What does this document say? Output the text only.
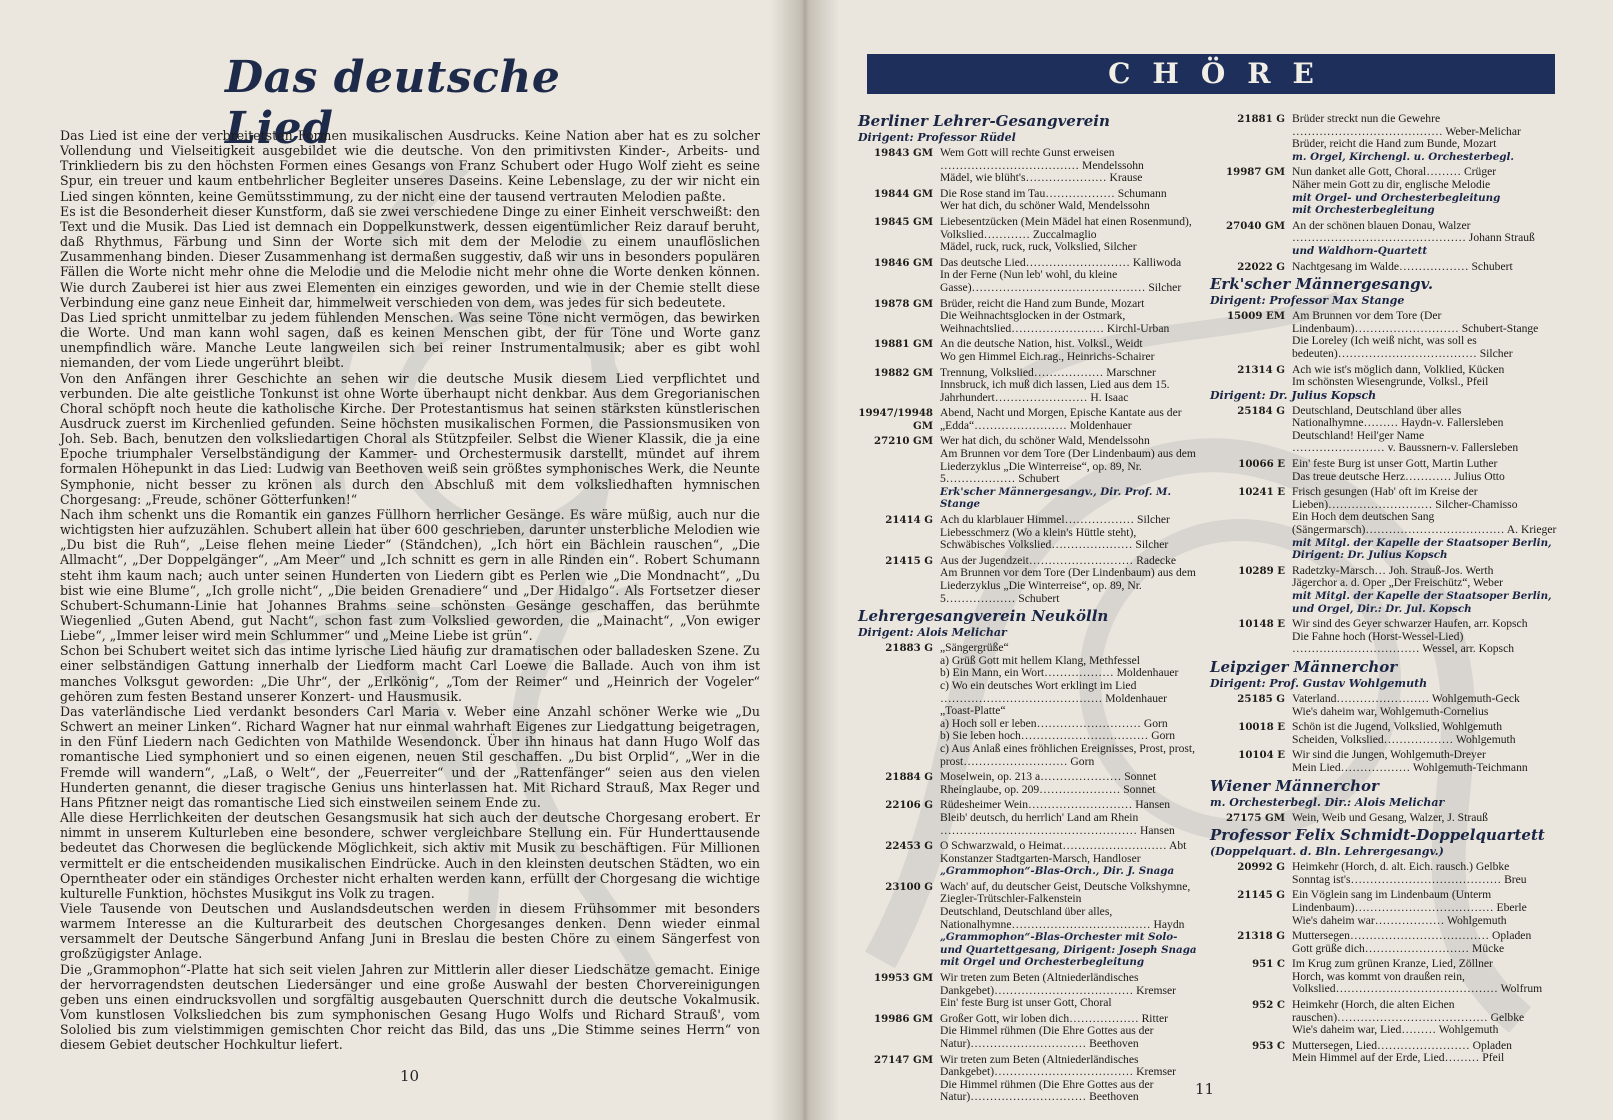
Das deutsche Lied

Das Lied ist eine der verbreitetsten Formen musikalischen Ausdrucks. Keine Nation aber hat es zu solcher Vollendung und Vielseitigkeit ausgebildet wie die deutsche. Von den primitivsten Kinder-, Arbeits- und Trinkliedern bis zu den höchsten Formen eines Gesangs von Franz Schubert oder Hugo Wolf zieht es seine Spur, ein treuer und kaum entbehrlicher Begleiter unseres Daseins. Keine Lebenslage, zu der wir nicht ein Lied singen könnten, keine Gemütsstimmung, zu der nicht eine der tausend vertrauten Melodien paßte.

Es ist die Besonderheit dieser Kunstform, daß sie zwei verschiedene Dinge zu einer Einheit verschweißt: den Text und die Musik. Das Lied ist demnach ein Doppelkunstwerk, dessen eigentümlicher Reiz darauf beruht, daß Rhythmus, Färbung und Sinn der Worte sich mit dem der Melodie zu einem unauflöslichen Zusammenhang binden. Dieser Zusammenhang ist dermaßen suggestiv, daß wir uns in besonders populären Fällen die Worte nicht mehr ohne die Melodie und die Melodie nicht mehr ohne die Worte denken können. Wie durch Zauberei ist hier aus zwei Elementen ein einziges geworden, und wie in der Chemie stellt diese Verbindung eine ganz neue Einheit dar, himmelweit verschieden von dem, was jedes für sich bedeutete.

Das Lied spricht unmittelbar zu jedem fühlenden Menschen. Was seine Töne nicht vermögen, das bewirken die Worte. Und man kann wohl sagen, daß es keinen Menschen gibt, der für Töne und Worte ganz unempfindlich wäre. Manche Leute langweilen sich bei reiner Instrumentalmusik; aber es gibt wohl niemanden, der vom Liede ungerührt bleibt.

Von den Anfängen ihrer Geschichte an sehen wir die deutsche Musik diesem Lied verpflichtet und verbunden. Die alte geistliche Tonkunst ist ohne Worte überhaupt nicht denkbar. Aus dem Gregorianischen Choral schöpft noch heute die katholische Kirche. Der Protestantismus hat seinen stärksten künstlerischen Ausdruck zuerst im Kirchenlied gefunden. Seine höchsten musikalischen Formen, die Passionsmusiken von Joh. Seb. Bach, benutzen den volksliedartigen Choral als Stützpfeiler. Selbst die Wiener Klassik, die ja eine Epoche triumphaler Verselbständigung der Kammer- und Orchestermusik darstellt, mündet auf ihrem formalen Höhepunkt in das Lied: Ludwig van Beethoven weiß sein größtes symphonisches Werk, die Neunte Symphonie, nicht besser zu krönen als durch den Abschluß mit dem volksliedhaften hymnischen Chorgesang: „Freude, schöner Götterfunken!“

Nach ihm schenkt uns die Romantik ein ganzes Füllhorn herrlicher Gesänge. Es wäre müßig, auch nur die wichtigsten hier aufzuzählen. Schubert allein hat über 600 geschrieben, darunter unsterbliche Melodien wie „Du bist die Ruh“, „Leise flehen meine Lieder“ (Ständchen), „Ich hört ein Bächlein rauschen“, „Die Allmacht“, „Der Doppelgänger“, „Am Meer“ und „Ich schnitt es gern in alle Rinden ein“. Robert Schumann steht ihm kaum nach; auch unter seinen Hunderten von Liedern gibt es Perlen wie „Die Mondnacht“, „Du bist wie eine Blume“, „Ich grolle nicht“, „Die beiden Grenadiere“ und „Der Hidalgo“. Als Fortsetzer dieser Schubert-Schumann-Linie hat Johannes Brahms seine schönsten Gesänge geschaffen, das berühmte Wiegenlied „Guten Abend, gut Nacht“, schon fast zum Volkslied geworden, die „Mainacht“, „Von ewiger Liebe“, „Immer leiser wird mein Schlummer“ und „Meine Liebe ist grün“.

Schon bei Schubert weitet sich das intime lyrische Lied häufig zur dramatischen oder balladesken Szene. Zu einer selbständigen Gattung innerhalb der Liedform macht Carl Loewe die Ballade. Auch von ihm ist manches Volksgut geworden: „Die Uhr“, der „Erlkönig“, „Tom der Reimer“ und „Heinrich der Vogeler“ gehören zum festen Bestand unserer Konzert- und Hausmusik.

Das vaterländische Lied verdankt besonders Carl Maria v. Weber eine Anzahl schöner Werke wie „Du Schwert an meiner Linken“. Richard Wagner hat nur einmal wahrhaft Eigenes zur Liedgattung beigetragen, in den Fünf Liedern nach Gedichten von Mathilde Wesendonck. Über ihn hinaus hat dann Hugo Wolf das romantische Lied symphoniert und so einen eigenen, neuen Stil geschaffen. „Du bist Orplid“, „Wer in die Fremde will wandern“, „Laß, o Welt“, der „Feuerreiter“ und der „Rattenfänger“ seien aus den vielen Hunderten genannt, die dieser tragische Genius uns hinterlassen hat. Mit Richard Strauß, Max Reger und Hans Pfitzner neigt das romantische Lied sich einstweilen seinem Ende zu.

Alle diese Herrlichkeiten der deutschen Gesangsmusik hat sich auch der deutsche Chorgesang erobert. Er nimmt in unserem Kulturleben eine besondere, schwer vergleichbare Stellung ein. Für Hunderttausende bedeutet das Chorwesen die beglückende Möglichkeit, sich aktiv mit Musik zu beschäftigen. Für Millionen vermittelt er die entscheidenden musikalischen Eindrücke. Auch in den kleinsten deutschen Städten, wo ein Operntheater oder ein ständiges Orchester nicht erhalten werden kann, erfüllt der Chorgesang die wichtige kulturelle Funktion, höchstes Musikgut ins Volk zu tragen.

Viele Tausende von Deutschen und Auslandsdeutschen werden in diesem Frühsommer mit besonders warmem Interesse an die Kulturarbeit des deutschen Chorgesanges denken. Denn wieder einmal versammelt der Deutsche Sängerbund Anfang Juni in Breslau die besten Chöre zu einem Sängerfest von großzügigster Anlage.

Die „Grammophon“-Platte hat sich seit vielen Jahren zur Mittlerin aller dieser Liedschätze gemacht. Einige der hervorragendsten deutschen Liedersänger und eine große Auswahl der besten Chorvereinigungen geben uns einen eindrucksvollen und sorgfältig ausgebauten Querschnitt durch die deutsche Vokalmusik. Vom kunstlosen Volksliedchen bis zum symphonischen Gesang Hugo Wolfs und Richard Strauß', vom Sololied bis zum vielstimmigen gemischten Chor reicht das Bild, das uns „Die Stimme seines Herrn“ von diesem Gebiet deutscher Hochkultur liefert.

10
CHÖRE
Berliner Lehrer-Gesangverein
Dirigent: Professor Rüdel
19843 GM Wem Gott will rechte Gunst erweisen
……………………………… Mendelssohn
Mädel, wie blüht's………………… Krause
19844 GM Die Rose stand im Tau……………… Schumann
Wer hat dich, du schöner Wald, Mendelssohn
19845 GM Liebesentzücken (Mein Mädel hat einen Rosenmund), Volkslied………… Zuccalmaglio
Mädel, ruck, ruck, ruck, Volkslied, Silcher
19846 GM Das deutsche Lied……………………… Kalliwoda
In der Ferne (Nun leb' wohl, du kleine Gasse)……………………………………… Silcher
19878 GM Brüder, reicht die Hand zum Bunde, Mozart
Die Weihnachtsglocken in der Ostmark, Weihnachtslied…………………… Kirchl-Urban
19881 GM An die deutsche Nation, hist. Volksl., Weidt
Wo gen Himmel Eich.rag., Heinrichs-Schairer
19882 GM Trennung, Volkslied……………… Marschner
Innsbruck, ich muß dich lassen, Lied aus dem 15. Jahrhundert…………………… H. Isaac
19947/19948 GM
Abend, Nacht und Morgen, Epische Kantate aus der „Edda“…………………… Moldenhauer
27210 GM Wer hat dich, du schöner Wald, Mendelssohn
Am Brunnen vor dem Tore (Der Lindenbaum) aus dem Liederzyklus „Die Winterreise“, op. 89, Nr. 5……………… Schubert
Erk'scher Männergesangv., Dir. Prof. M. Stange
21414 G Ach du klarblauer Himmel……………… Silcher
Liebesschmerz (Wo a klein's Hüttle steht), Schwäbisches Volkslied………………… Silcher
21415 G Aus der Jugendzeit……………………… Radecke
Am Brunnen vor dem Tore (Der Lindenbaum) aus dem Liederzyklus „Die Winterreise“, op. 89, Nr. 5……………… Schubert
Lehrergesangverein Neukölln
Dirigent: Alois Melichar
21883 G „Sängergrüße“
a) Grüß Gott mit hellem Klang, Methfessel
b) Ein Mann, ein Wort……………… Moldenhauer
c) Wo ein deutsches Wort erklingt im Lied
…………………………………… Moldenhauer
„Toast-Platte“
a) Hoch soll er leben……………………… Gorn
b) Sie leben hoch…………………………… Gorn
c) Aus Anlaß eines fröhlichen Ereignisses, Prost, prost, prost……………………… Gorn
21884 G Moselwein, op. 213 a………………… Sonnet
Rheinglaube, op. 209………………… Sonnet
22106 G Rüdesheimer Wein……………………… Hansen
Bleib' deutsch, du herrlich' Land am Rhein
…………………………………………… Hansen
22453 G O Schwarzwald, o Heimat……………………… Abt
Konstanzer Stadtgarten-Marsch, Handloser
„Grammophon“-Blas-Orch., Dir. J. Snaga
23100 G Wach' auf, du deutscher Geist, Deutsche Volkshymne, Ziegler-Trütschler-Falkenstein
Deutschland, Deutschland über alles, Nationalhymne……………………………… Haydn
„Grammophon“-Blas-Orchester mit Solo- und Quartettgesang, Dirigent: Joseph Snaga
mit Orgel und Orchesterbegleitung
19953 GM Wir treten zum Beten (Altniederländisches Dankgebet)……………………………… Kremser
Ein' feste Burg ist unser Gott, Choral
19986 GM Großer Gott, wir loben dich……………… Ritter
Die Himmel rühmen (Die Ehre Gottes aus der Natur)………………………… Beethoven
27147 GM Wir treten zum Beten (Altniederländisches Dankgebet)……………………………… Kremser
Die Himmel rühmen (Die Ehre Gottes aus der Natur)………………………… Beethoven
21881 G Brüder streckt nun die Gewehre
………………………………… Weber-Melichar
Brüder, reicht die Hand zum Bunde, Mozart
m. Orgel, Kirchengl. u. Orchesterbegl.
19987 GM Nun danket alle Gott, Choral……… Crüger
Näher mein Gott zu dir, englische Melodie
mit Orgel- und Orchesterbegleitung
mit Orchesterbegleitung
27040 GM An der schönen blauen Donau, Walzer
……………………………………… Johann Strauß
und Waldhorn-Quartett
22022 G Nachtgesang im Walde……………… Schubert
Erk'scher Männergesangv.
Dirigent: Professor Max Stange
15009 EM Am Brunnen vor dem Tore (Der Lindenbaum)……………………… Schubert-Stange
Die Loreley (Ich weiß nicht, was soll es bedeuten)……………………………… Silcher
21314 G Ach wie ist's möglich dann, Volklied, Kücken
Im schönsten Wiesengrunde, Volksl., Pfeil
Dirigent: Dr. Julius Kopsch
25184 G Deutschland, Deutschland über alles Nationalhymne……… Haydn-v. Fallersleben
Deutschland! Heil'ger Name
…………………… v. Baussnern-v. Fallersleben
10066 E Ein' feste Burg ist unser Gott, Martin Luther
Das treue deutsche Herz………… Julius Otto
10241 E Frisch gesungen (Hab' oft im Kreise der Lieben)……………………… Silcher-Chamisso
Ein Hoch dem deutschen Sang (Sängermarsch)……………………………… A. Krieger
mit Mitgl. der Kapelle der Staatsoper Berlin, Dirigent: Dr. Julius Kopsch
10289 E Radetzky-Marsch… Joh. Strauß-Jos. Werth
Jägerchor a. d. Oper „Der Freischütz“, Weber
mit Mitgl. der Kapelle der Staatsoper Berlin, und Orgel, Dir.: Dr. Jul. Kopsch
10148 E Wir sind des Geyer schwarzer Haufen, arr. Kopsch
Die Fahne hoch (Horst-Wessel-Lied)
…………………………… Wessel, arr. Kopsch
Leipziger Männerchor
Dirigent: Prof. Gustav Wohlgemuth
25185 G Vaterland…………………… Wohlgemuth-Geck
Wie's daheim war, Wohlgemuth-Cornelius
10018 E Schön ist die Jugend, Volkslied, Wohlgemuth
Scheiden, Volkslied……………… Wohlgemuth
10104 E Wir sind die Jungen, Wohlgemuth-Dreyer
Mein Lied……………… Wohlgemuth-Teichmann
Wiener Männerchor
m. Orchesterbegl. Dir.: Alois Melichar
27175 GM Wein, Weib und Gesang, Walzer, J. Strauß
Professor Felix Schmidt-Doppelquartett
(Doppelquart. d. Bln. Lehrergesangv.)
20992 G Heimkehr (Horch, d. alt. Eich. rausch.) Gelbke
Sonntag ist's………………………………… Breu
21145 G Ein Vöglein sang im Lindenbaum (Unterm Lindenbaum)……………………………… Eberle
Wie's daheim war……………… Wohlgemuth
21318 G Muttersegen……………………………… Opladen
Gott grüße dich……………………… Mücke
951 C Im Krug zum grünen Kranze, Lied, Zöllner
Horch, was kommt von draußen rein, Volkslied…………………………………… Wolfrum
952 C Heimkehr (Horch, die alten Eichen rauschen)………………………………… Gelbke
Wie's daheim war, Lied……… Wohlgemuth
953 C Muttersegen, Lied…………………… Opladen
Mein Himmel auf der Erde, Lied……… Pfeil
11
